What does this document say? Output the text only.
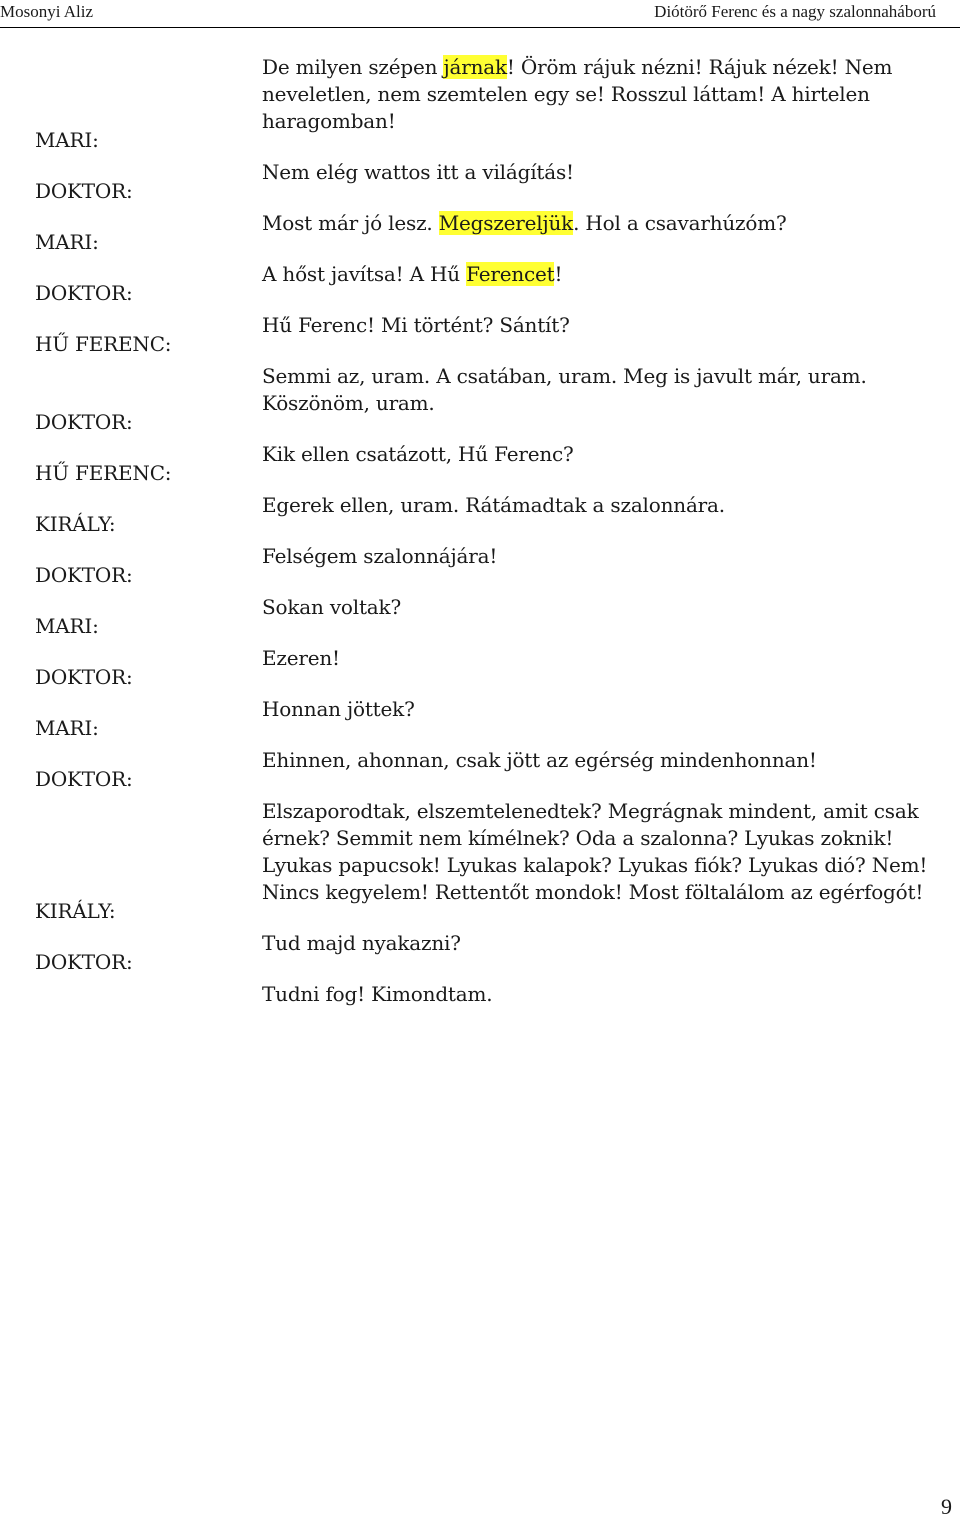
Mosonyi Aliz	Diótörő Ferenc és a nagy szalonnaháború
De milyen szépen járnak! Öröm rájuk nézni! Rájuk nézek! Nem neveletlen, nem szemtelen egy se! Rosszul láttam! A hirtelen haragomban!
MARI:
Nem elég wattos itt a világítás!
DOKTOR:
Most már jó lesz. Megszereljük. Hol a csavarhúzóm?
MARI:
A hőst javítsa! A Hű Ferencet!
DOKTOR:
Hű Ferenc! Mi történt? Sántít?
HŰ FERENC:
Semmi az, uram. A csatában, uram. Meg is javult már, uram. Köszönöm, uram.
DOKTOR:
Kik ellen csatázott, Hű Ferenc?
HŰ FERENC:
Egerek ellen, uram. Rátámadtak a szalonnára.
KIRÁLY:
Felségem szalonnájára!
DOKTOR:
Sokan voltak?
MARI:
Ezeren!
DOKTOR:
Honnan jöttek?
MARI:
Ehinnen, ahonnan, csak jött az egérség mindenhonnan!
DOKTOR:
Elszaporodtak, elszemtelenedtek? Megrágnak mindent, amit csak érnek? Semmit nem kímélnek? Oda a szalonna? Lyukas zoknik! Lyukas papucsok! Lyukas kalapok? Lyukas fiók? Lyukas dió? Nem! Nincs kegyelem! Rettentőt mondok! Most föltalálom az egérfogót!
KIRÁLY:
Tud majd nyakazni?
DOKTOR:
Tudni fog! Kimondtam.
9
